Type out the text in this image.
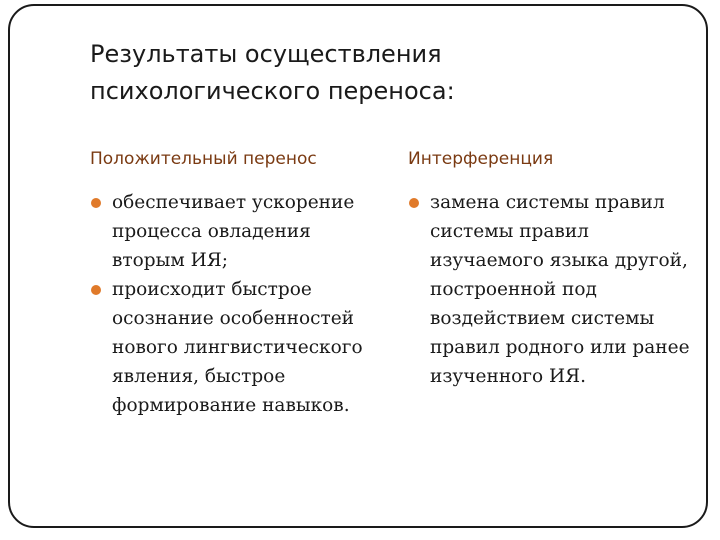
Результаты осуществления
психологического переноса:
Положительный перенос	Интерференция
обеспечивает ускорение процесса овладения вторым ИЯ;
происходит быстрое осознание особенностей нового лингвистического явления, быстрое формирование навыков.
замена системы правил системы правил изучаемого языка другой, построенной под воздействием системы правил родного или ранее изученного ИЯ.
